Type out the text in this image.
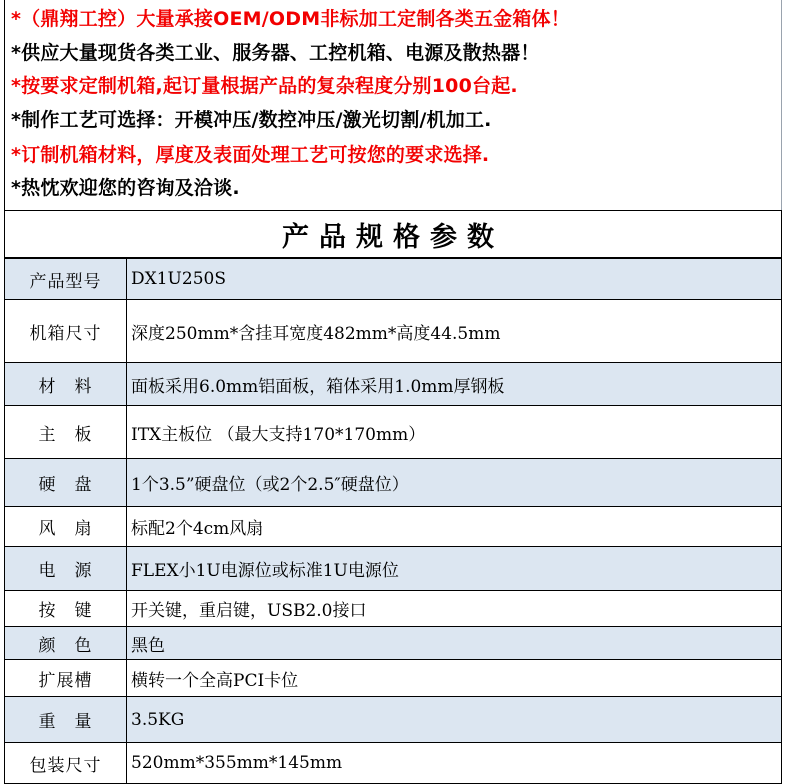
*（鼎翔工控）大量承接OEM/ODM非标加工定制各类五金箱体！
*供应大量现货各类工业、服务器、工控机箱、电源及散热器！
*按要求定制机箱,起订量根据产品的复杂程度分别100台起.
*制作工艺可选择：开模冲压/数控冲压/激光切割/机加工.
*订制机箱材料，厚度及表面处理工艺可按您的要求选择.
*热忱欢迎您的咨询及洽谈.
产品规格参数
产品型号	DX1U250S
机箱尺寸	深度250mm*含挂耳宽度482mm*高度44.5mm
材　料	面板采用6.0mm铝面板，箱体采用1.0mm厚钢板
主　板	ITX主板位 （最大支持170*170mm）
硬　盘	1个3.5”硬盘位（或2个2.5″硬盘位）
风　扇	标配2个4cm风扇
电　源	FLEX小1U电源位或标准1U电源位
按　键	开关键，重启键，USB2.0接口
颜　色	黑色
扩展槽	横转一个全高PCI卡位
重　量	3.5KG
包装尺寸	520mm*355mm*145mm
